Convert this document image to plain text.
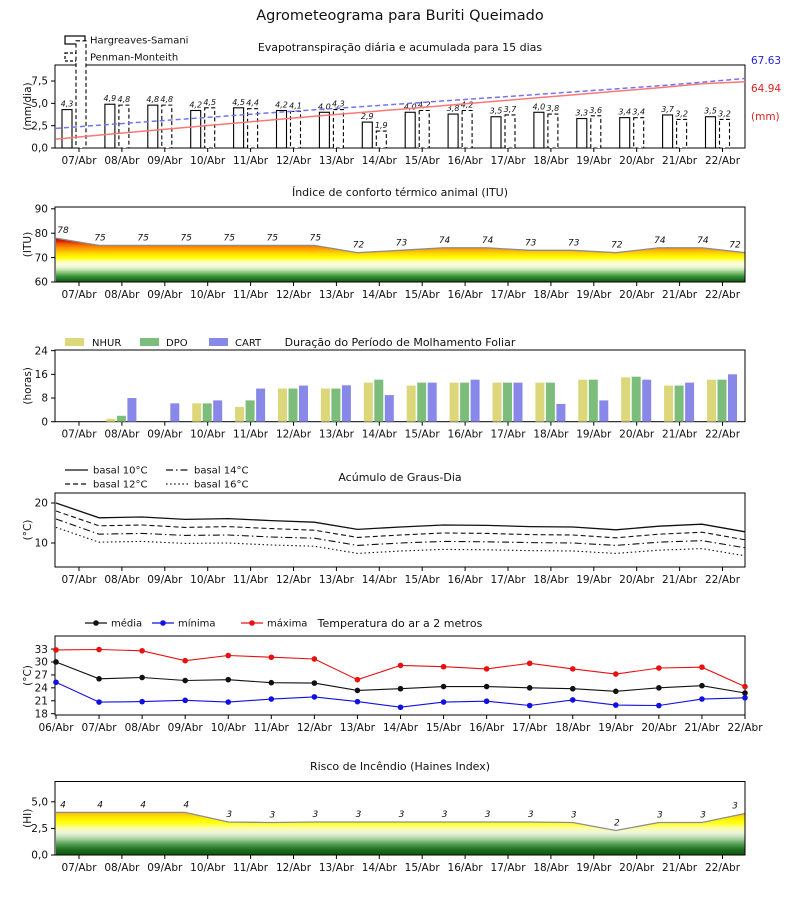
Agrometeograma para Buriti Queimado
0,0
2,5
5,0
7,5
07/Abr 08/Abr 09/Abr 10/Abr 11/Abr 12/Abr 13/Abr 14/Abr 15/Abr 16/Abr 17/Abr 18/Abr 19/Abr 20/Abr 21/Abr 22/Abr
(mm/dia)
Evapotranspiração diária e acumulada para 15 dias
Hargreaves-Samani
Penman-Monteith
4,3
4,9	4,8
4,2	4,5	4,2	4,0
2,9
4,0	3,8	3,5	4,0
3,3	3,4	3,7	3,5
4,8	4,8	4,5	4,4	4,1	4,3
1,9
4,2	4,2	3,7	3,8	3,6	3,4	3,2	3,2
67.63
64.94
(mm)
78
75	75	75	75	75	75
72	73	74	74	73	73	72	74	74 72
60
70
80
90
07/Abr 08/Abr 09/Abr 10/Abr 11/Abr 12/Abr 13/Abr 14/Abr 15/Abr 16/Abr 17/Abr 18/Abr 19/Abr 20/Abr 21/Abr 22/Abr
(ITU)
Índice de conforto térmico animal (ITU)
0
8
16
24
07/Abr 08/Abr 09/Abr 10/Abr 11/Abr 12/Abr 13/Abr 14/Abr 15/Abr 16/Abr 17/Abr 18/Abr 19/Abr 20/Abr 21/Abr 22/Abr
(horas)
Duração do Período de Molhamento Foliar
NHUR	DPO	CART
10
20
07/Abr 08/Abr 09/Abr 10/Abr 11/Abr 12/Abr 13/Abr 14/Abr 15/Abr 16/Abr 17/Abr 18/Abr 19/Abr 20/Abr 21/Abr 22/Abr
(°C)
Acúmulo de Graus-Dia
basal 10°C
basal 12°C
basal 14°C
basal 16°C
18
21
24
27
30
33
06/Abr 07/Abr 08/Abr 09/Abr 10/Abr 11/Abr 12/Abr 13/Abr 14/Abr 15/Abr 16/Abr 17/Abr 18/Abr 19/Abr 20/Abr 21/Abr 22/Abr
(°C)
Temperatura do ar a 2 metros
média	mínima	máxima
4	4	4	4
3	3	3	3	3	3	3	3	3
2
3	3
3
0,0
2,5
5,0
07/Abr 08/Abr 09/Abr 10/Abr 11/Abr 12/Abr 13/Abr 14/Abr 15/Abr 16/Abr 17/Abr 18/Abr 19/Abr 20/Abr 21/Abr 22/Abr
(HI)
Risco de Incêndio (Haines Index)
